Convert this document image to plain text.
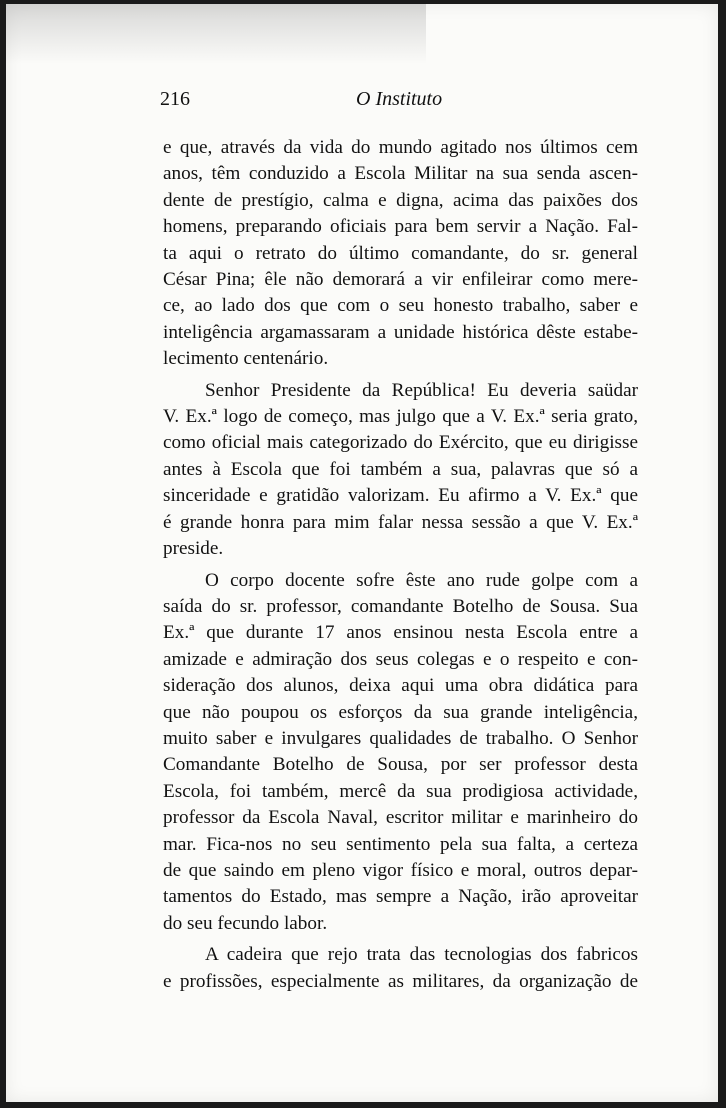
216	O Instituto

e que, através da vida do mundo agitado nos últimos cem
anos, têm conduzido a Escola Militar na sua senda ascen-
dente de prestígio, calma e digna, acima das paixões dos
homens, preparando oficiais para bem servir a Nação. Fal-
ta aqui o retrato do último comandante, do sr. general
César Pina; êle não demorará a vir enfileirar como mere-
ce, ao lado dos que com o seu honesto trabalho, saber e
inteligência argamassaram a unidade histórica dêste estabe-
lecimento centenário.

Senhor Presidente da República! Eu deveria saüdar
V. Ex.ª logo de começo, mas julgo que a V. Ex.ª seria grato,
como oficial mais categorizado do Exército, que eu dirigisse
antes à Escola que foi também a sua, palavras que só a
sinceridade e gratidão valorizam. Eu afirmo a V. Ex.ª que
é grande honra para mim falar nessa sessão a que V. Ex.ª
preside.

O corpo docente sofre êste ano rude golpe com a
saída do sr. professor, comandante Botelho de Sousa. Sua
Ex.ª que durante 17 anos ensinou nesta Escola entre a
amizade e admiração dos seus colegas e o respeito e con-
sideração dos alunos, deixa aqui uma obra didática para
que não poupou os esforços da sua grande inteligência,
muito saber e invulgares qualidades de trabalho. O Senhor
Comandante Botelho de Sousa, por ser professor desta
Escola, foi também, mercê da sua prodigiosa actividade,
professor da Escola Naval, escritor militar e marinheiro do
mar. Fica-nos no seu sentimento pela sua falta, a certeza
de que saindo em pleno vigor físico e moral, outros depar-
tamentos do Estado, mas sempre a Nação, irão aproveitar
do seu fecundo labor.

A cadeira que rejo trata das tecnologias dos fabricos
e profissões, especialmente as militares, da organização de
